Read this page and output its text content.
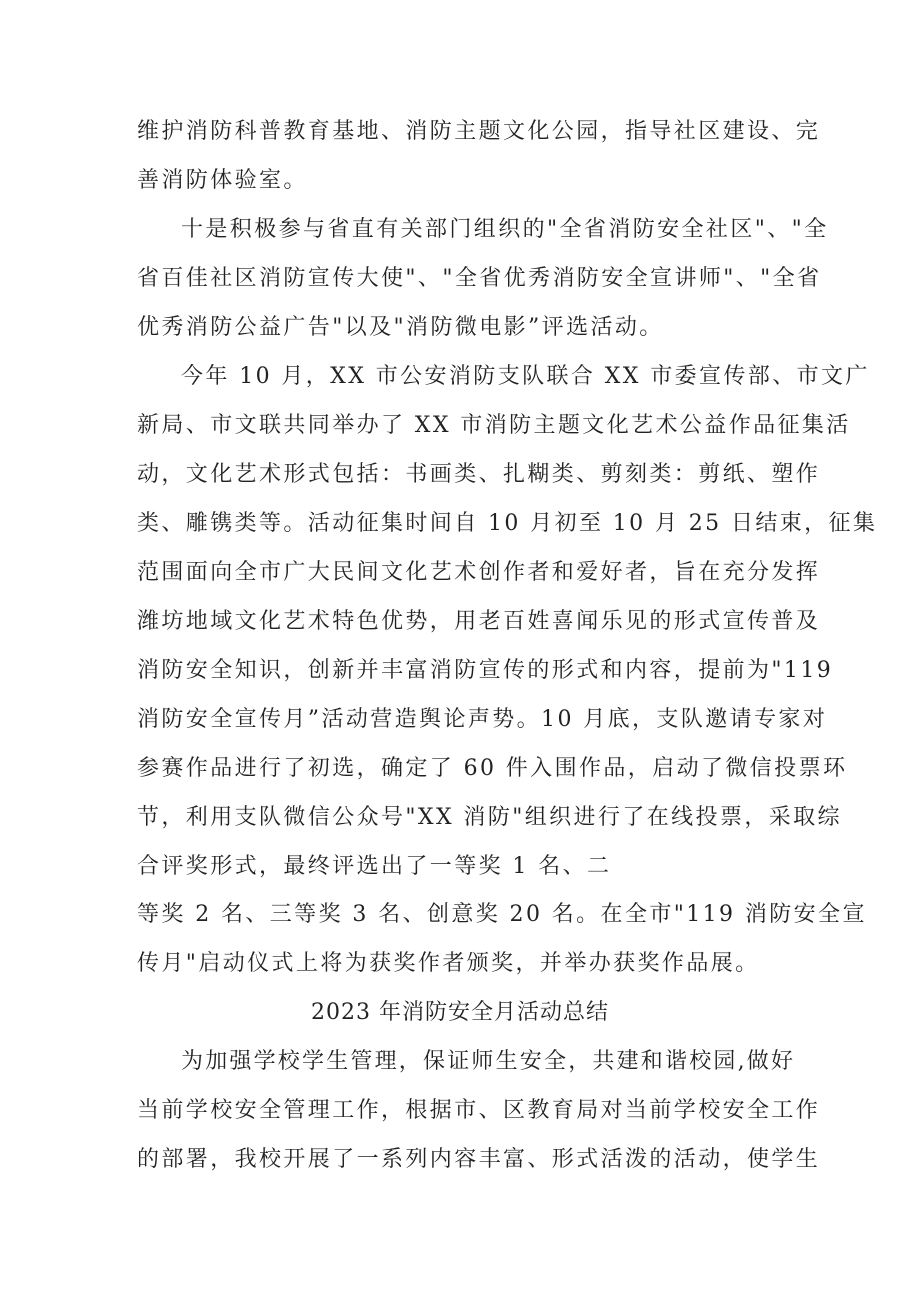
维护消防科普教育基地、消防主题文化公园，指导社区建设、完
善消防体验室。
十是积极参与省直有关部门组织的"全省消防安全社区"、"全
省百佳社区消防宣传大使"、"全省优秀消防安全宣讲师"、"全省
优秀消防公益广告"以及"消防微电影”评选活动。
今年 10 月，XX 市公安消防支队联合 XX 市委宣传部、市文广
新局、市文联共同举办了 XX 市消防主题文化艺术公益作品征集活
动，文化艺术形式包括：书画类、扎糊类、剪刻类：剪纸、塑作
类、雕镌类等。活动征集时间自 10 月初至 10 月 25 日结束，征集
范围面向全市广大民间文化艺术创作者和爱好者，旨在充分发挥
潍坊地域文化艺术特色优势，用老百姓喜闻乐见的形式宣传普及
消防安全知识，创新并丰富消防宣传的形式和内容，提前为"119
消防安全宣传月”活动营造舆论声势。10 月底，支队邀请专家对
参赛作品进行了初选，确定了 60 件入围作品，启动了微信投票环
节，利用支队微信公众号"XX 消防"组织进行了在线投票，采取综
合评奖形式，最终评选出了一等奖 1 名、二
等奖 2 名、三等奖 3 名、创意奖 20 名。在全市"119 消防安全宣
传月"启动仪式上将为获奖作者颁奖，并举办获奖作品展。
2023 年消防安全月活动总结
为加强学校学生管理，保证师生安全，共建和谐校园,做好
当前学校安全管理工作，根据市、区教育局对当前学校安全工作
的部署，我校开展了一系列内容丰富、形式活泼的活动，使学生
